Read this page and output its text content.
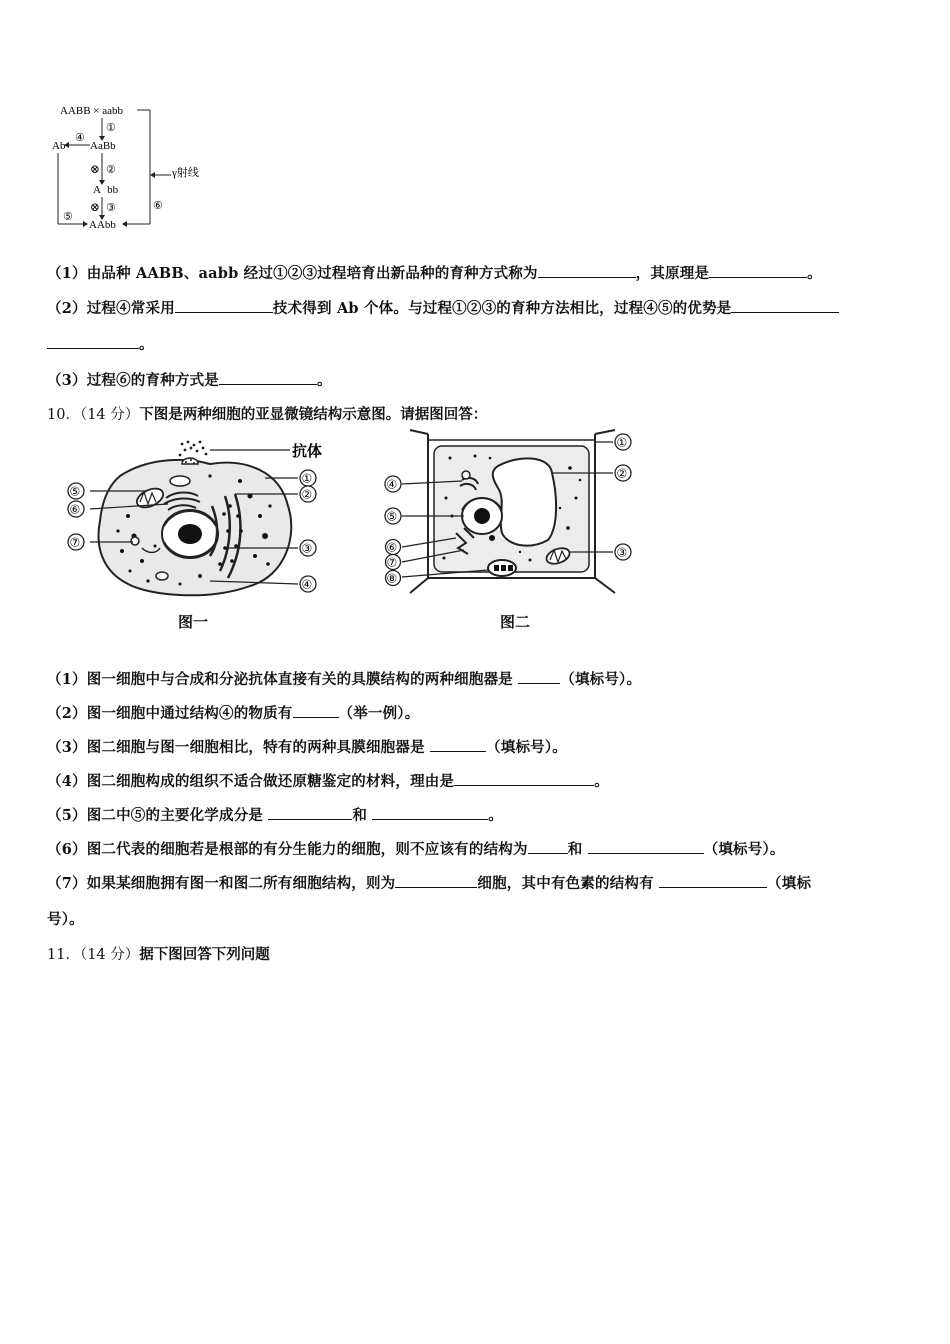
AABB × aabb
①
AaBb
④
Ab
⊗ ②
A bb
⊗ ③
⑤
AAbb
⑥
γ射线
（1）由品种 AABB、aabb 经过①②③过程培育出新品种的育种方式称为	，其原理是	。
（2）过程④常采用	技术得到 Ab 个体。与过程①②③的育种方法相比，过程④⑤的优势是
。
（3）过程⑥的育种方式是	。
10．（14 分）下图是两种细胞的亚显微镜结构示意图。请据图回答：
抗体
⑤
⑥
⑦
①
②
③
④
图一
①
②
③
④
⑤
⑥
⑦
⑧
图二
（1）图一细胞中与合成和分泌抗体直接有关的具膜结构的两种细胞器是	（填标号）。
（2）图一细胞中通过结构④的物质有	（举一例）。
（3）图二细胞与图一细胞相比，特有的两种具膜细胞器是	（填标号）。
（4）图二细胞构成的组织不适合做还原糖鉴定的材料，理由是	。
（5）图二中⑤的主要化学成分是	和	。
（6）图二代表的细胞若是根部的有分生能力的细胞，则不应该有的结构为	和	（填标号）。
（7）如果某细胞拥有图一和图二所有细胞结构，则为	细胞，其中有色素的结构有	（填标
号）。
11．（14 分）据下图回答下列问题
